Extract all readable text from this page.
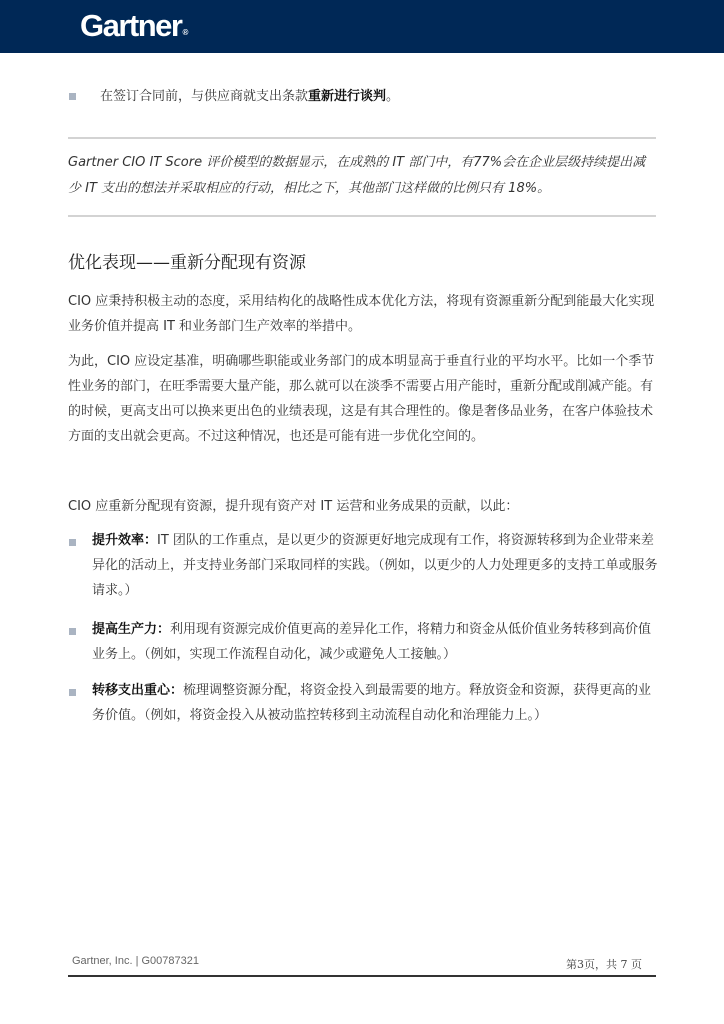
Gartner®
在签订合同前，与供应商就支出条款重新进行谈判。
Gartner CIO IT Score 评价模型的数据显示，在成熟的 IT 部门中，有77%会在企业层级持续提出减少 IT 支出的想法并采取相应的行动，相比之下，其他部门这样做的比例只有 18%。
优化表现——重新分配现有资源
CIO 应秉持积极主动的态度，采用结构化的战略性成本优化方法，将现有资源重新分配到能最大化实现业务价值并提高 IT 和业务部门生产效率的举措中。
为此，CIO 应设定基准，明确哪些职能或业务部门的成本明显高于垂直行业的平均水平。比如一个季节性业务的部门，在旺季需要大量产能，那么就可以在淡季不需要占用产能时，重新分配或削减产能。有的时候，更高支出可以换来更出色的业绩表现，这是有其合理性的。像是奢侈品业务，在客户体验技术方面的支出就会更高。不过这种情况，也还是可能有进一步优化空间的。
CIO 应重新分配现有资源，提升现有资产对 IT 运营和业务成果的贡献，以此：
提升效率：IT 团队的工作重点，是以更少的资源更好地完成现有工作，将资源转移到为企业带来差异化的活动上，并支持业务部门采取同样的实践。（例如，以更少的人力处理更多的支持工单或服务请求。）
提高生产力：利用现有资源完成价值更高的差异化工作，将精力和资金从低价值业务转移到高价值业务上。（例如，实现工作流程自动化，减少或避免人工接触。）
转移支出重心：梳理调整资源分配，将资金投入到最需要的地方。释放资金和资源，获得更高的业务价值。（例如，将资金投入从被动监控转移到主动流程自动化和治理能力上。）
Gartner, Inc. | G00787321	第3页，共 7 页
